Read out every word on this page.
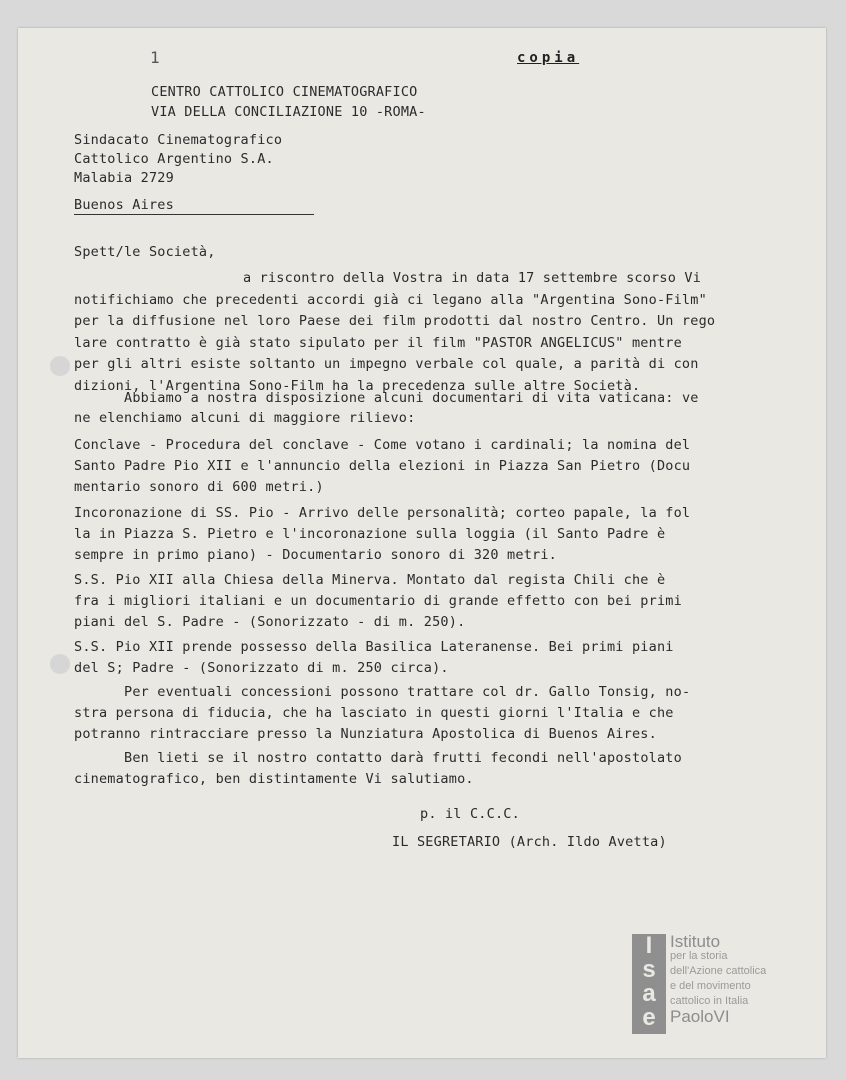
1	copia
CENTRO CATTOLICO CINEMATOGRAFICO
VIA DELLA CONCILIAZIONE 10 -ROMA-
Sindacato Cinematografico
Cattolico Argentino S.A.
Malabia 2729
Buenos Aires
Spett/le Società,
a riscontro della Vostra in data 17 settembre scorso Vi
notifichiamo che precedenti accordi già ci legano alla "Argentina Sono-Film"
per la diffusione nel loro Paese dei film prodotti dal nostro Centro. Un rego
lare contratto è già stato sipulato per il film "PASTOR ANGELICUS" mentre
per gli altri esiste soltanto un impegno verbale col quale, a parità di con
dizioni, l'Argentina Sono-Film ha la precedenza sulle altre Società.
Abbiamo a nostra disposizione alcuni documentari di vita vaticana: ve
ne elenchiamo alcuni di maggiore rilievo:
Conclave - Procedura del conclave - Come votano i cardinali; la nomina del
Santo Padre Pio XII e l'annuncio della elezioni in Piazza San Pietro (Docu
mentario sonoro di 600 metri.)
Incoronazione di SS. Pio - Arrivo delle personalità; corteo papale, la fol
la in Piazza S. Pietro e l'incoronazione sulla loggia (il Santo Padre è
sempre in primo piano) - Documentario sonoro di 320 metri.
S.S. Pio XII alla Chiesa della Minerva. Montato dal regista Chili che è
fra i migliori italiani e un documentario di grande effetto con bei primi
piani del S. Padre - (Sonorizzato - di m. 250).
S.S. Pio XII prende possesso della Basilica Lateranense. Bei primi piani
del S; Padre - (Sonorizzato di m. 250 circa).
Per eventuali concessioni possono trattare col dr. Gallo Tonsig, no-
stra persona di fiducia, che ha lasciato in questi giorni l'Italia e che
potranno rintracciare presso la Nunziatura Apostolica di Buenos Aires.
Ben lieti se il nostro contatto darà frutti fecondi nell'apostolato
cinematografico, ben distintamente Vi salutiamo.
p. il C.C.C.
IL SEGRETARIO (Arch. Ildo Avetta)
I
s
a
e
Istituto
per la storia
dell'Azione cattolica
e del movimento
cattolico in Italia
PaoloVI
